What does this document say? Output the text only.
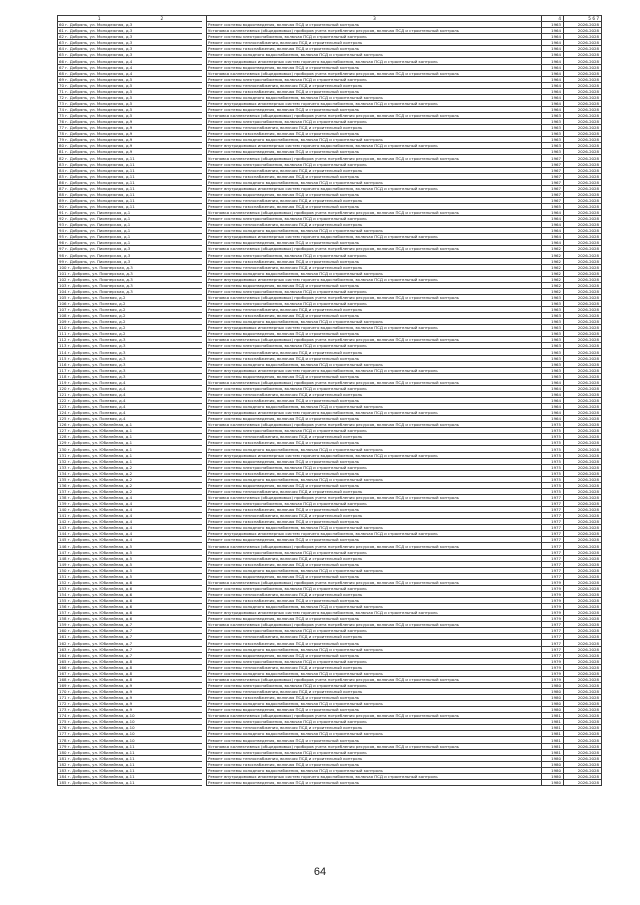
1 2		3	4	5 6 7
60 г. Добрянь, ул. Молодежная, д.3		Ремонт системы водоотведения, включая ПСД и строительный контроль	1963	2026-2028
61 г. Добрянь, ул. Молодежная, д.3		Установка коллективных (общедомовых) приборов учета потребления ресурсов, включая ПСД и строительный контроль	1964	2026-2028
62 г. Добрянь, ул. Молодежная, д.3		Ремонт системы электроснабжения, включая ПСД и строительный контроль	1964	2026-2028
63 г. Добрянь, ул. Молодежная, д.3		Ремонт системы теплоснабжения, включая ПСД и строительный контроль	1964	2026-2028
64 г. Добрянь, ул. Молодежная, д.3		Ремонт системы газоснабжения, включая ПСД и строительный контроль	1964	2026-2028
65 г. Добрянь, ул. Молодежная, д.3		Ремонт системы холодного водоснабжения, включая ПСД и строительный контроль	1964	2026-2028
66 г. Добрянь, ул. Молодежная, д.4		Ремонт внутридомовых инженерных систем горячего водоснабжения, включая ПСД и строительный контроль	1964	2026-2028
67 г. Добрянь, ул. Молодежная, д.4		Ремонт системы водоотведения, включая ПСД и строительный контроль	1964	2026-2028
68 г. Добрянь, ул. Молодежная, д.4		Установка коллективных (общедомовых) приборов учета потребления ресурсов, включая ПСД и строительный контроль	1964	2026-2028
69 г. Добрянь, ул. Молодежная, д.5		Ремонт системы электроснабжения, включая ПСД и строительный контроль	1964	2026-2028
70 г. Добрянь, ул. Молодежная, д.5		Ремонт системы теплоснабжения, включая ПСД и строительный контроль	1964	2026-2028
71 г. Добрянь, ул. Молодежная, д.5		Ремонт системы газоснабжения, включая ПСД и строительный контроль	1964	2026-2028
72 г. Добрянь, ул. Молодежная, д.5		Ремонт системы холодного водоснабжения, включая ПСД и строительный контроль	1964	2026-2028
73 г. Добрянь, ул. Молодежная, д.5		Ремонт внутридомовых инженерных систем горячего водоснабжения, включая ПСД и строительный контроль	1964	2026-2028
74 г. Добрянь, ул. Молодежная, д.5		Ремонт системы водоотведения, включая ПСД и строительный контроль	1964	2026-2028
75 г. Добрянь, ул. Молодежная, д.5		Установка коллективных (общедомовых) приборов учета потребления ресурсов, включая ПСД и строительный контроль	1963	2026-2028
76 г. Добрянь, ул. Молодежная, д.9		Ремонт системы электроснабжения, включая ПСД и строительный контроль	1963	2026-2028
77 г. Добрянь, ул. Молодежная, д.9		Ремонт системы теплоснабжения, включая ПСД и строительный контроль	1963	2026-2028
78 г. Добрянь, ул. Молодежная, д.9		Ремонт системы газоснабжения, включая ПСД и строительный контроль	1963	2026-2028
79 г. Добрянь, ул. Молодежная, д.9		Ремонт системы холодного водоснабжения, включая ПСД и строительный контроль	1963	2026-2028
80 г. Добрянь, ул. Молодежная, д.9		Ремонт внутридомовых инженерных систем горячего водоснабжения, включая ПСД и строительный контроль	1963	2026-2028
81 г. Добрянь, ул. Молодежная, д.9		Ремонт системы водоотведения, включая ПСД и строительный контроль	1963	2026-2028
82 г. Добрянь, ул. Молодежная, д.11		Установка коллективных (общедомовых) приборов учета потребления ресурсов, включая ПСД и строительный контроль	1967	2026-2028
83 г. Добрянь, ул. Молодежная, д.11		Ремонт системы электроснабжения, включая ПСД и строительный контроль	1967	2026-2028
84 г. Добрянь, ул. Молодежная, д.11		Ремонт системы теплоснабжения, включая ПСД и строительный контроль	1967	2026-2028
85 г. Добрянь, ул. Молодежная, д.11		Ремонт системы газоснабжения, включая ПСД и строительный контроль	1967	2026-2028
86 г. Добрянь, ул. Молодежная, д.11		Ремонт системы холодного водоснабжения, включая ПСД и строительный контроль	1967	2026-2028
87 г. Добрянь, ул. Молодежная, д.11		Ремонт внутридомовых инженерных систем горячего водоснабжения, включая ПСД и строительный контроль	1967	2026-2028
88 г. Добрянь, ул. Молодежная, д.11		Ремонт системы водоотведения, включая ПСД и строительный контроль	1967	2026-2028
89 г. Добрянь, ул. Молодежная, д.11		Ремонт системы теплоснабжения, включая ПСД и строительный контроль	1967	2026-2028
90 г. Добрянь, ул. Молодежная, д.11		Ремонт системы газоснабжения, включая ПСД и строительный контроль	1965	2026-2028
91 г. Добрянь, ул. Пионерская, д.1		Установка коллективных (общедомовых) приборов учета потребления ресурсов, включая ПСД и строительный контроль	1964	2026-2028
92 г. Добрянь, ул. Пионерская, д.1		Ремонт системы электроснабжения, включая ПСД и строительный контроль	1964	2026-2028
93 г. Добрянь, ул. Пионерская, д.1		Ремонт системы теплоснабжения, включая ПСД и строительный контроль	1964	2026-2028
94 г. Добрянь, ул. Пионерская, д.1		Ремонт системы холодного водоснабжения, включая ПСД и строительный контроль	1964	2026-2028
95 г. Добрянь, ул. Пионерская, д.1		Ремонт внутридомовых инженерных систем горячего водоснабжения, включая ПСД и строительный контроль	1964	2026-2028
96 г. Добрянь, ул. Пионерская, д.1		Ремонт системы водоотведения, включая ПСД и строительный контроль	1964	2026-2028
97 г. Добрянь, ул. Пионерская, д.3		Установка коллективных (общедомовых) приборов учета потребления ресурсов, включая ПСД и строительный контроль	1962	2026-2028
98 г. Добрянь, ул. Пионерская, д.3		Ремонт системы электроснабжения, включая ПСД и строительный контроль	1962	2026-2028
99 г. Добрянь, ул. Пионерская, д.3		Ремонт системы газоснабжения, включая ПСД и строительный контроль	1962	2026-2028
100 г. Добрянь, ул. Пионерская, д.3		Ремонт системы теплоснабжения, включая ПСД и строительный контроль	1962	2026-2028
101 г. Добрянь, ул. Пионерская, д.3		Ремонт системы холодного водоснабжения, включая ПСД и строительный контроль	1962	2026-2028
102 г. Добрянь, ул. Пионерская, д.3		Ремонт внутридомовых инженерных систем горячего водоснабжения, включая ПСД и строительный контроль	1962	2026-2028
103 г. Добрянь, ул. Пионерская, д.3		Ремонт системы водоотведения, включая ПСД и строительный контроль	1962	2026-2028
104 г. Добрянь, ул. Пионерская, д.3		Ремонт системы электроснабжения, включая ПСД и строительный контроль	1962	2026-2028
105 г. Добрянь, ул. Полевая, д.2		Установка коллективных (общедомовых) приборов учета потребления ресурсов, включая ПСД и строительный контроль	1963	2026-2028
106 г. Добрянь, ул. Полевая, д.2		Ремонт системы электроснабжения, включая ПСД и строительный контроль	1963	2026-2028
107 г. Добрянь, ул. Полевая, д.2		Ремонт системы теплоснабжения, включая ПСД и строительный контроль	1963	2026-2028
108 г. Добрянь, ул. Полевая, д.2		Ремонт системы газоснабжения, включая ПСД и строительный контроль	1963	2026-2028
109 г. Добрянь, ул. Полевая, д.2		Ремонт системы холодного водоснабжения, включая ПСД и строительный контроль	1963	2026-2028
110 г. Добрянь, ул. Полевая, д.2		Ремонт внутридомовых инженерных систем горячего водоснабжения, включая ПСД и строительный контроль	1963	2026-2028
111 г. Добрянь, ул. Полевая, д.2		Ремонт системы водоотведения, включая ПСД и строительный контроль	1963	2026-2028
112 г. Добрянь, ул. Полевая, д.3		Установка коллективных (общедомовых) приборов учета потребления ресурсов, включая ПСД и строительный контроль	1963	2026-2028
113 г. Добрянь, ул. Полевая, д.3		Ремонт системы электроснабжения, включая ПСД и строительный контроль	1963	2026-2028
114 г. Добрянь, ул. Полевая, д.3		Ремонт системы теплоснабжения, включая ПСД и строительный контроль	1963	2026-2028
115 г. Добрянь, ул. Полевая, д.3		Ремонт системы газоснабжения, включая ПСД и строительный контроль	1963	2026-2028
116 г. Добрянь, ул. Полевая, д.3		Ремонт системы холодного водоснабжения, включая ПСД и строительный контроль	1963	2026-2028
117 г. Добрянь, ул. Полевая, д.3		Ремонт внутридомовых инженерных систем горячего водоснабжения, включая ПСД и строительный контроль	1963	2026-2028
118 г. Добрянь, ул. Полевая, д.3		Ремонт системы водоотведения, включая ПСД и строительный контроль	1963	2026-2028
119 г. Добрянь, ул. Полевая, д.4		Установка коллективных (общедомовых) приборов учета потребления ресурсов, включая ПСД и строительный контроль	1964	2026-2028
120 г. Добрянь, ул. Полевая, д.4		Ремонт системы электроснабжения, включая ПСД и строительный контроль	1964	2026-2028
121 г. Добрянь, ул. Полевая, д.4		Ремонт системы теплоснабжения, включая ПСД и строительный контроль	1964	2026-2028
122 г. Добрянь, ул. Полевая, д.4		Ремонт системы газоснабжения, включая ПСД и строительный контроль	1964	2026-2028
123 г. Добрянь, ул. Полевая, д.4		Ремонт системы холодного водоснабжения, включая ПСД и строительный контроль	1964	2026-2028
124 г. Добрянь, ул. Полевая, д.4		Ремонт внутридомовых инженерных систем горячего водоснабжения, включая ПСД и строительный контроль	1964	2026-2028
125 г. Добрянь, ул. Полевая, д.4		Ремонт системы водоотведения, включая ПСД и строительный контроль	1964	2026-2028
126 г. Добрянь, ул. Юбилейная, д.1		Установка коллективных (общедомовых) приборов учета потребления ресурсов, включая ПСД и строительный контроль	1975	2026-2028
127 г. Добрянь, ул. Юбилейная, д.1		Ремонт системы электроснабжения, включая ПСД и строительный контроль	1975	2026-2028
128 г. Добрянь, ул. Юбилейная, д.1		Ремонт системы теплоснабжения, включая ПСД и строительный контроль	1975	2026-2028
129 г. Добрянь, ул. Юбилейная, д.1		Ремонт системы газоснабжения, включая ПСД и строительный контроль	1975	2026-2028
130 г. Добрянь, ул. Юбилейная, д.1		Ремонт системы холодного водоснабжения, включая ПСД и строительный контроль	1975	2026-2028
131 г. Добрянь, ул. Юбилейная, д.1		Ремонт внутридомовых инженерных систем горячего водоснабжения, включая ПСД и строительный контроль	1975	2026-2028
132 г. Добрянь, ул. Юбилейная, д.1		Ремонт системы водоотведения, включая ПСД и строительный контроль	1975	2026-2028
133 г. Добрянь, ул. Юбилейная, д.2		Ремонт системы электроснабжения, включая ПСД и строительный контроль	1975	2026-2028
134 г. Добрянь, ул. Юбилейная, д.2		Ремонт системы газоснабжения, включая ПСД и строительный контроль	1975	2026-2028
135 г. Добрянь, ул. Юбилейная, д.2		Ремонт системы холодного водоснабжения, включая ПСД и строительный контроль	1975	2026-2028
136 г. Добрянь, ул. Юбилейная, д.2		Ремонт системы водоотведения, включая ПСД и строительный контроль	1975	2026-2028
137 г. Добрянь, ул. Юбилейная, д.2		Ремонт системы теплоснабжения, включая ПСД и строительный контроль	1975	2026-2028
138 г. Добрянь, ул. Юбилейная, д.4		Установка коллективных (общедомовых) приборов учета потребления ресурсов, включая ПСД и строительный контроль	1977	2026-2028
139 г. Добрянь, ул. Юбилейная, д.4		Ремонт системы электроснабжения, включая ПСД и строительный контроль	1977	2026-2028
140 г. Добрянь, ул. Юбилейная, д.4		Ремонт системы газоснабжения, включая ПСД и строительный контроль	1977	2026-2028
141 г. Добрянь, ул. Юбилейная, д.4		Ремонт системы теплоснабжения, включая ПСД и строительный контроль	1977	2026-2028
142 г. Добрянь, ул. Юбилейная, д.4		Ремонт системы газоснабжения, включая ПСД и строительный контроль	1977	2026-2028
143 г. Добрянь, ул. Юбилейная, д.4		Ремонт системы холодного водоснабжения, включая ПСД и строительный контроль	1977	2026-2028
144 г. Добрянь, ул. Юбилейная, д.4		Ремонт внутридомовых инженерных систем горячего водоснабжения, включая ПСД и строительный контроль	1977	2026-2028
145 г. Добрянь, ул. Юбилейная, д.4		Ремонт системы водоотведения, включая ПСД и строительный контроль	1977	2026-2028
146 г. Добрянь, ул. Юбилейная, д.5		Установка коллективных (общедомовых) приборов учета потребления ресурсов, включая ПСД и строительный контроль	1977	2026-2028
147 г. Добрянь, ул. Юбилейная, д.5		Ремонт системы электроснабжения, включая ПСД и строительный контроль	1977	2026-2028
148 г. Добрянь, ул. Юбилейная, д.5		Ремонт системы теплоснабжения, включая ПСД и строительный контроль	1977	2026-2028
149 г. Добрянь, ул. Юбилейная, д.5		Ремонт системы газоснабжения, включая ПСД и строительный контроль	1977	2026-2028
150 г. Добрянь, ул. Юбилейная, д.5		Ремонт системы холодного водоснабжения, включая ПСД и строительный контроль	1977	2026-2028
151 г. Добрянь, ул. Юбилейная, д.5		Ремонт системы водоотведения, включая ПСД и строительный контроль	1977	2026-2028
152 г. Добрянь, ул. Юбилейная, д.6		Установка коллективных (общедомовых) приборов учета потребления ресурсов, включая ПСД и строительный контроль	1979	2026-2028
153 г. Добрянь, ул. Юбилейная, д.6		Ремонт системы электроснабжения, включая ПСД и строительный контроль	1979	2026-2028
154 г. Добрянь, ул. Юбилейная, д.6		Ремонт системы теплоснабжения, включая ПСД и строительный контроль	1979	2026-2028
155 г. Добрянь, ул. Юбилейная, д.6		Ремонт системы газоснабжения, включая ПСД и строительный контроль	1979	2026-2028
156 г. Добрянь, ул. Юбилейная, д.6		Ремонт системы холодного водоснабжения, включая ПСД и строительный контроль	1979	2026-2028
157 г. Добрянь, ул. Юбилейная, д.6		Ремонт внутридомовых инженерных систем горячего водоснабжения, включая ПСД и строительный контроль	1979	2026-2028
158 г. Добрянь, ул. Юбилейная, д.6		Ремонт системы водоотведения, включая ПСД и строительный контроль	1979	2026-2028
159 г. Добрянь, ул. Юбилейная, д.7		Установка коллективных (общедомовых) приборов учета потребления ресурсов, включая ПСД и строительный контроль	1977	2026-2028
160 г. Добрянь, ул. Юбилейная, д.7		Ремонт системы электроснабжения, включая ПСД и строительный контроль	1977	2026-2028
161 г. Добрянь, ул. Юбилейная, д.7		Ремонт системы теплоснабжения, включая ПСД и строительный контроль	1977	2026-2028
162 г. Добрянь, ул. Юбилейная, д.7		Ремонт системы газоснабжения, включая ПСД и строительный контроль	1977	2026-2028
163 г. Добрянь, ул. Юбилейная, д.7		Ремонт системы холодного водоснабжения, включая ПСД и строительный контроль	1977	2026-2028
164 г. Добрянь, ул. Юбилейная, д.7		Ремонт системы водоотведения, включая ПСД и строительный контроль	1977	2026-2028
165 г. Добрянь, ул. Юбилейная, д.8		Ремонт системы электроснабжения, включая ПСД и строительный контроль	1979	2026-2028
166 г. Добрянь, ул. Юбилейная, д.8		Ремонт системы теплоснабжения, включая ПСД и строительный контроль	1979	2026-2028
167 г. Добрянь, ул. Юбилейная, д.8		Ремонт системы холодного водоснабжения, включая ПСД и строительный контроль	1979	2026-2028
168 г. Добрянь, ул. Юбилейная, д.8		Установка коллективных (общедомовых) приборов учета потребления ресурсов, включая ПСД и строительный контроль	1979	2026-2028
169 г. Добрянь, ул. Юбилейная, д.9		Ремонт системы электроснабжения, включая ПСД и строительный контроль	1980	2026-2028
170 г. Добрянь, ул. Юбилейная, д.9		Ремонт системы теплоснабжения, включая ПСД и строительный контроль	1980	2026-2028
171 г. Добрянь, ул. Юбилейная, д.9		Ремонт системы газоснабжения, включая ПСД и строительный контроль	1980	2026-2028
172 г. Добрянь, ул. Юбилейная, д.9		Ремонт системы холодного водоснабжения, включая ПСД и строительный контроль	1980	2026-2028
173 г. Добрянь, ул. Юбилейная, д.9		Ремонт системы водоотведения, включая ПСД и строительный контроль	1980	2026-2028
174 г. Добрянь, ул. Юбилейная, д.10		Установка коллективных (общедомовых) приборов учета потребления ресурсов, включая ПСД и строительный контроль	1981	2026-2028
175 г. Добрянь, ул. Юбилейная, д.10		Ремонт системы электроснабжения, включая ПСД и строительный контроль	1981	2026-2028
176 г. Добрянь, ул. Юбилейная, д.10		Ремонт системы теплоснабжения, включая ПСД и строительный контроль	1981	2026-2028
177 г. Добрянь, ул. Юбилейная, д.10		Ремонт системы холодного водоснабжения, включая ПСД и строительный контроль	1981	2026-2028
178 г. Добрянь, ул. Юбилейная, д.10		Ремонт системы водоотведения, включая ПСД и строительный контроль	1981	2026-2028
179 г. Добрянь, ул. Юбилейная, д.11		Установка коллективных (общедомовых) приборов учета потребления ресурсов, включая ПСД и строительный контроль	1981	2026-2028
180 г. Добрянь, ул. Юбилейная, д.11		Ремонт системы электроснабжения, включая ПСД и строительный контроль	1981	2026-2028
181 г. Добрянь, ул. Юбилейная, д.11		Ремонт системы теплоснабжения, включая ПСД и строительный контроль	1980	2026-2028
182 г. Добрянь, ул. Юбилейная, д.11		Ремонт системы газоснабжения, включая ПСД и строительный контроль	1980	2026-2028
183 г. Добрянь, ул. Юбилейная, д.11		Ремонт системы холодного водоснабжения, включая ПСД и строительный контроль	1980	2026-2028
184 г. Добрянь, ул. Юбилейная, д.11		Ремонт внутридомовых инженерных систем горячего водоснабжения, включая ПСД и строительный контроль	1980	2026-2028
185 г. Добрянь, ул. Юбилейная, д.11		Ремонт системы водоотведения, включая ПСД и строительный контроль	1980	2026-2028
64
